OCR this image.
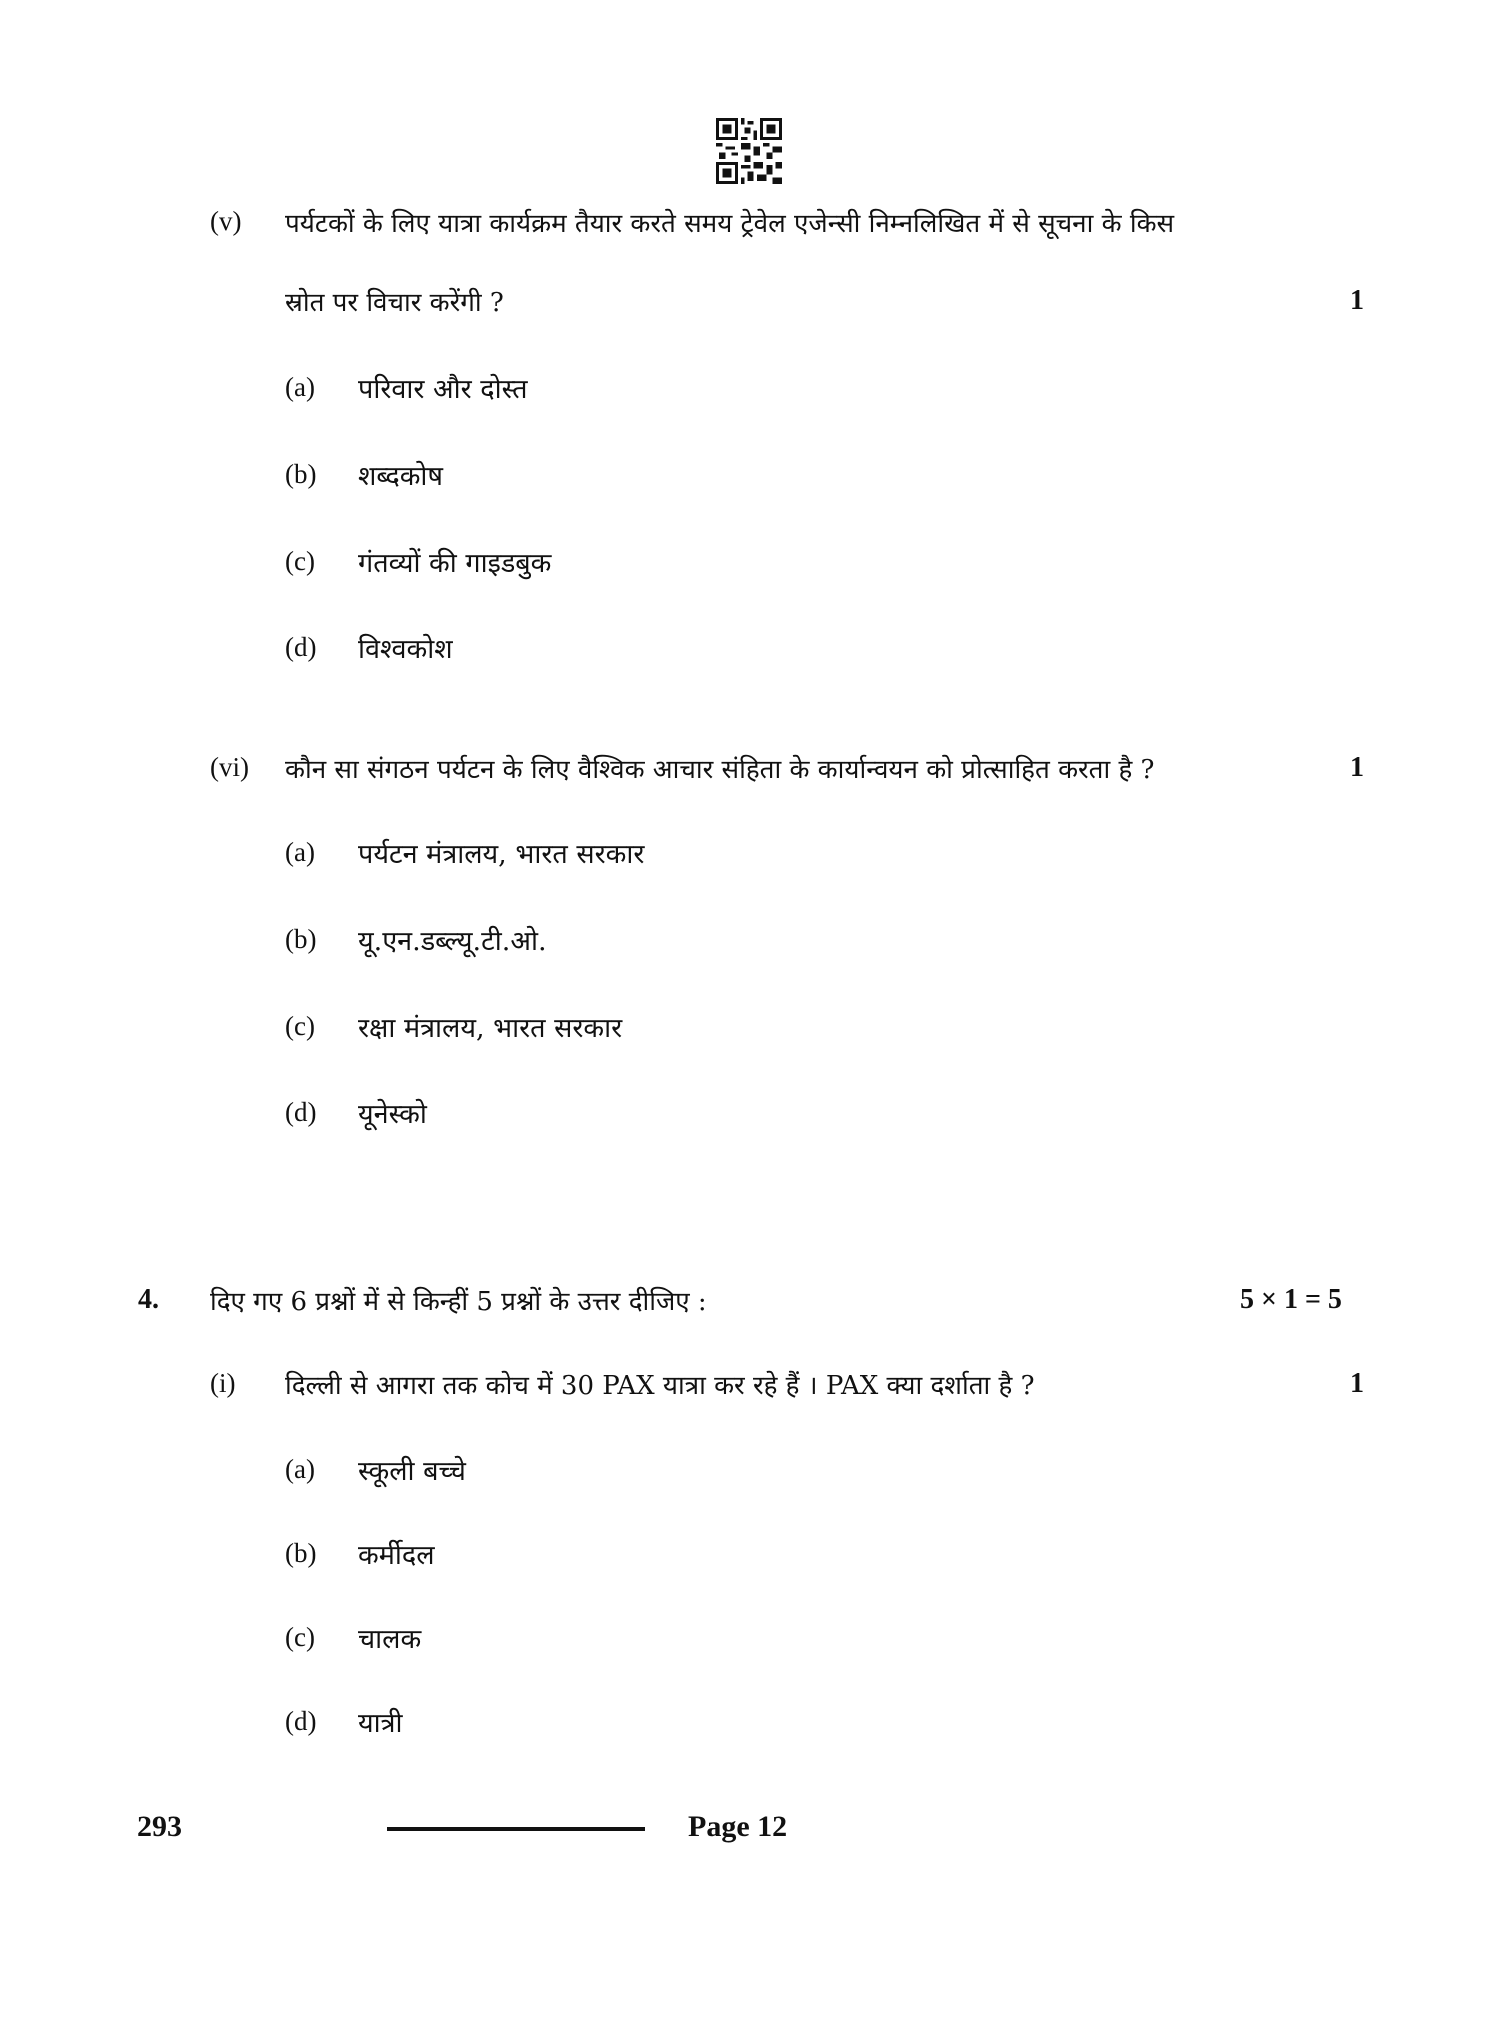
(v) पर्यटकों के लिए यात्रा कार्यक्रम तैयार करते समय ट्रेवेल एजेन्सी निम्नलिखित में से सूचना के किस
स्रोत पर विचार करेंगी ?	1
(a) परिवार और दोस्त
(b) शब्दकोष
(c) गंतव्यों की गाइडबुक
(d) विश्वकोश
(vi) कौन सा संगठन पर्यटन के लिए वैश्विक आचार संहिता के कार्यान्वयन को प्रोत्साहित करता है ?	1
(a) पर्यटन मंत्रालय, भारत सरकार
(b) यू.एन.डब्ल्यू.टी.ओ.
(c) रक्षा मंत्रालय, भारत सरकार
(d) यूनेस्को
4. दिए गए 6 प्रश्नों में से किन्हीं 5 प्रश्नों के उत्तर दीजिए :	5 × 1 = 5
(i) दिल्ली से आगरा तक कोच में 30 PAX यात्रा कर रहे हैं । PAX क्या दर्शाता है ?	1
(a) स्कूली बच्चे
(b) कर्मीदल
(c) चालक
(d) यात्री
293	Page 12
